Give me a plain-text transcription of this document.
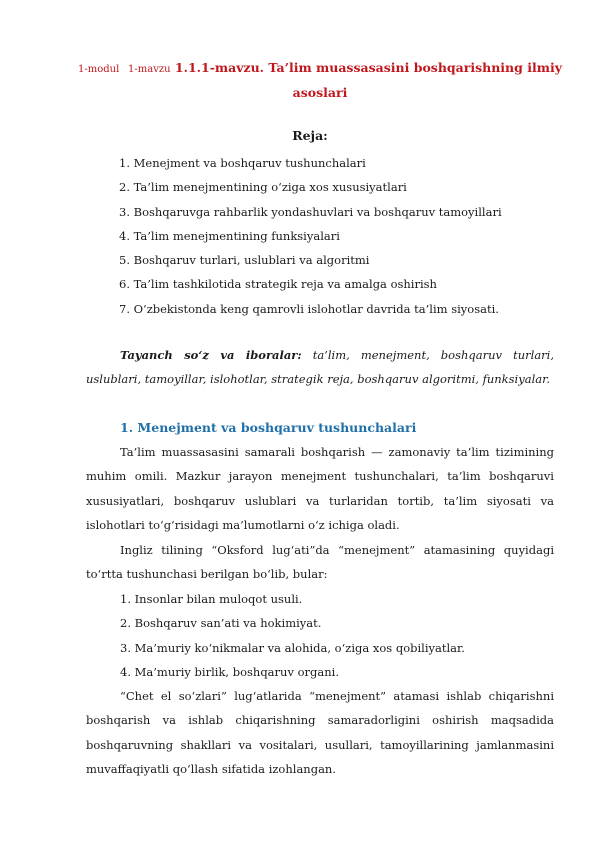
1-modul 1-mavzu 1.1.1-mavzu. Ta’lim muassasasini boshqarishning ilmiy asoslari
Reja:
1. Menejment va boshqaruv tushunchalari
2. Ta’lim menejmentining o‘ziga xos xususiyatlari
3. Boshqaruvga rahbarlik yondashuvlari va boshqaruv tamoyillari
4. Ta’lim menejmentining funksiyalari
5. Boshqaruv turlari, uslublari va algoritmi
6. Ta’lim tashkilotida strategik reja va amalga oshirish
7. O‘zbekistonda keng qamrovli islohotlar davrida ta’lim siyosati.

Tayanch so‘z va iboralar: ta’lim, menejment, boshqaruv turlari, uslublari, tamoyillar, islohotlar, strategik reja, boshqaruv algoritmi, funksiyalar.

1. Menejment va boshqaruv tushunchalari

Ta’lim muassasasini samarali boshqarish — zamonaviy ta’lim tizimining muhim omili. Mazkur jarayon menejment tushunchalari, ta’lim boshqaruvi xususiyatlari, boshqaruv uslublari va turlaridan tortib, ta’lim siyosati va islohotlari to‘g‘risidagi ma’lumotlarni o‘z ichiga oladi.

Ingliz tilining “Oksford lug‘ati”da “menejment” atamasining quyidagi to‘rtta tushunchasi berilgan bo‘lib, bular:

1. Insonlar bilan muloqot usuli.
2. Boshqaruv san’ati va hokimiyat.
3. Ma’muriy ko‘nikmalar va alohida, o‘ziga xos qobiliyatlar.
4. Ma’muriy birlik, boshqaruv organi.

“Chet el so‘zlari” lug‘atlarida “menejment” atamasi ishlab chiqarishni boshqarish va ishlab chiqarishning samaradorligini oshirish maqsadida boshqaruvning shakllari va vositalari, usullari, tamoyillarining jamlanmasini muvaffaqiyatli qo‘llash sifatida izohlangan.
